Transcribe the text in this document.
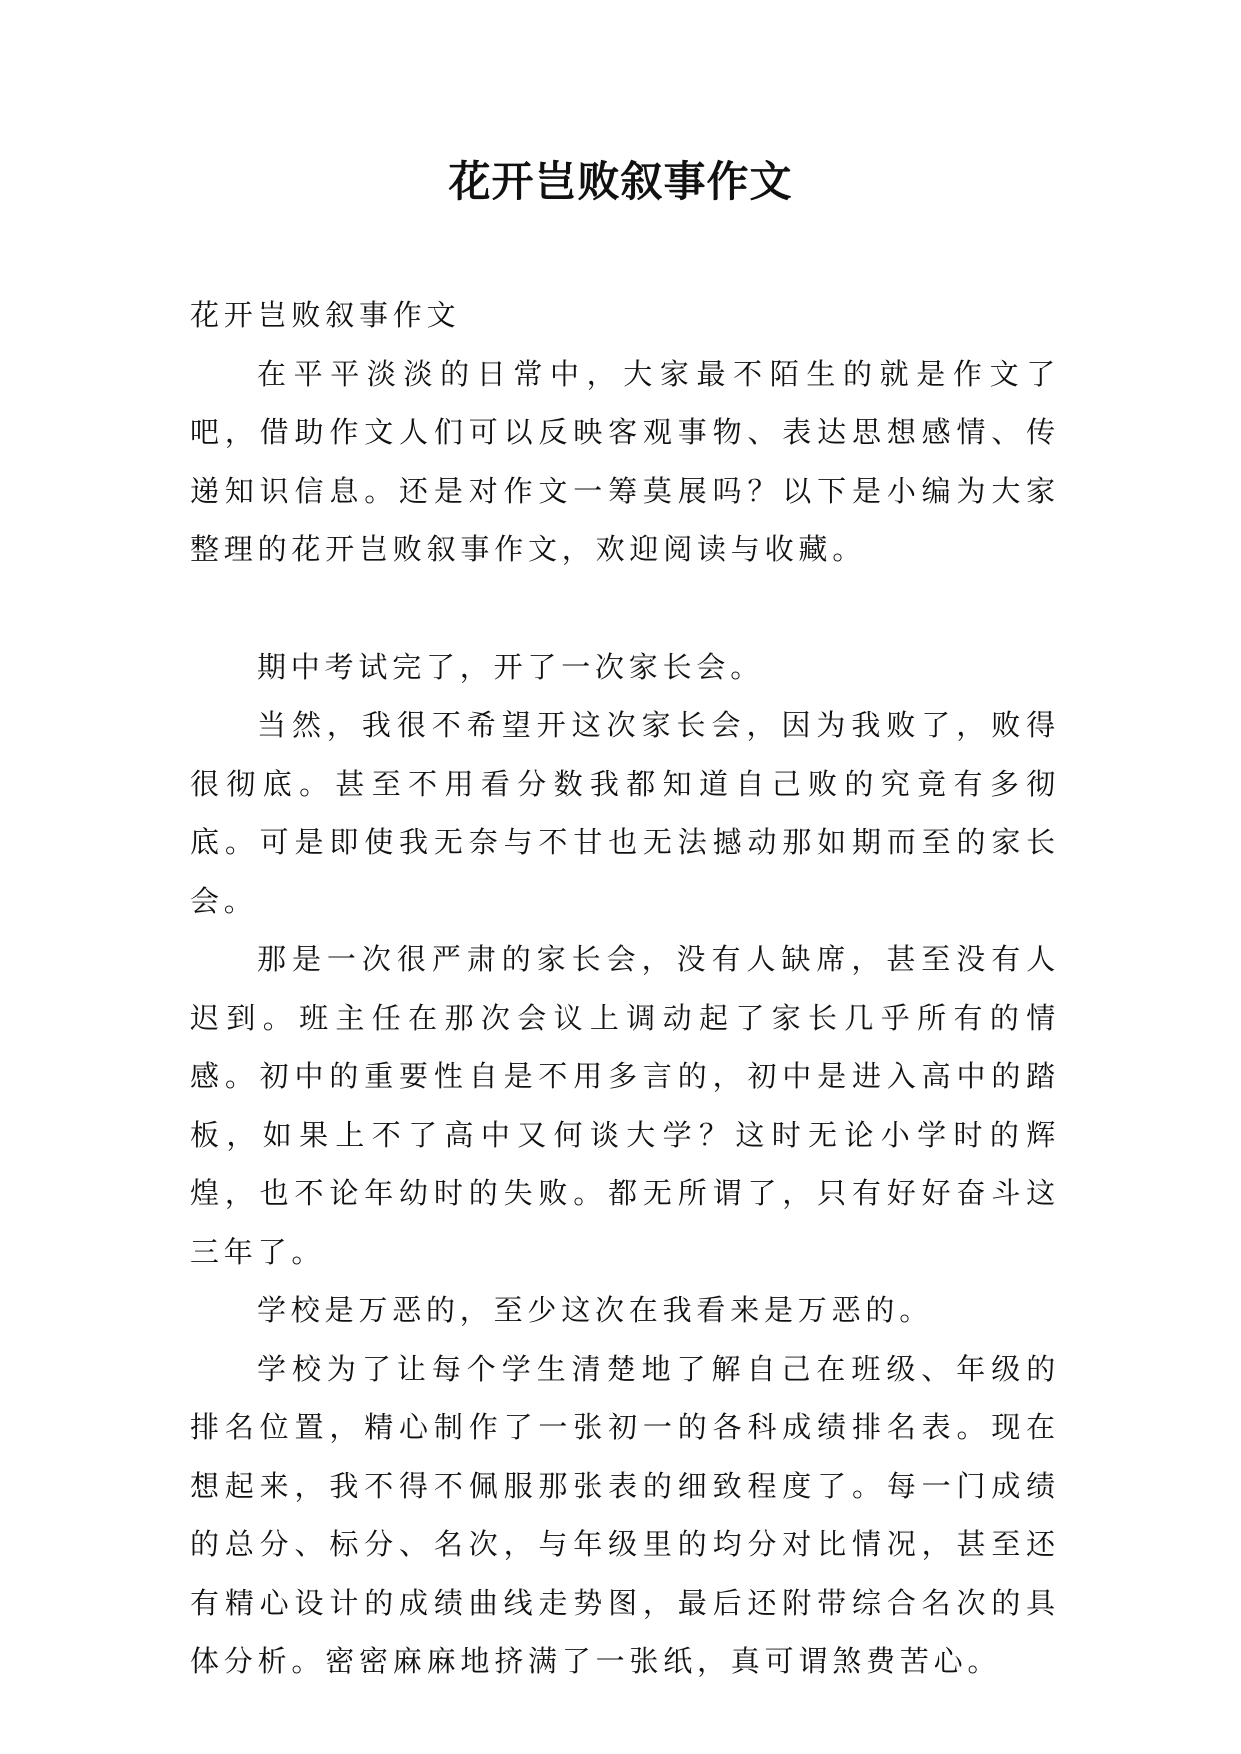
花开岂败叙事作文

花开岂败叙事作文

在平平淡淡的日常中，大家最不陌生的就是作文了吧，借助作文人们可以反映客观事物、表达思想感情、传递知识信息。还是对作文一筹莫展吗？以下是小编为大家整理的花开岂败叙事作文，欢迎阅读与收藏。

期中考试完了，开了一次家长会。

当然，我很不希望开这次家长会，因为我败了，败得很彻底。甚至不用看分数我都知道自己败的究竟有多彻底。可是即使我无奈与不甘也无法撼动那如期而至的家长会。

那是一次很严肃的家长会，没有人缺席，甚至没有人迟到。班主任在那次会议上调动起了家长几乎所有的情感。初中的重要性自是不用多言的，初中是进入高中的踏板，如果上不了高中又何谈大学？这时无论小学时的辉煌，也不论年幼时的失败。都无所谓了，只有好好奋斗这三年了。

学校是万恶的，至少这次在我看来是万恶的。

学校为了让每个学生清楚地了解自己在班级、年级的排名位置，精心制作了一张初一的各科成绩排名表。现在想起来，我不得不佩服那张表的细致程度了。每一门成绩的总分、标分、名次，与年级里的均分对比情况，甚至还有精心设计的成绩曲线走势图，最后还附带综合名次的具体分析。密密麻麻地挤满了一张纸，真可谓煞费苦心。
